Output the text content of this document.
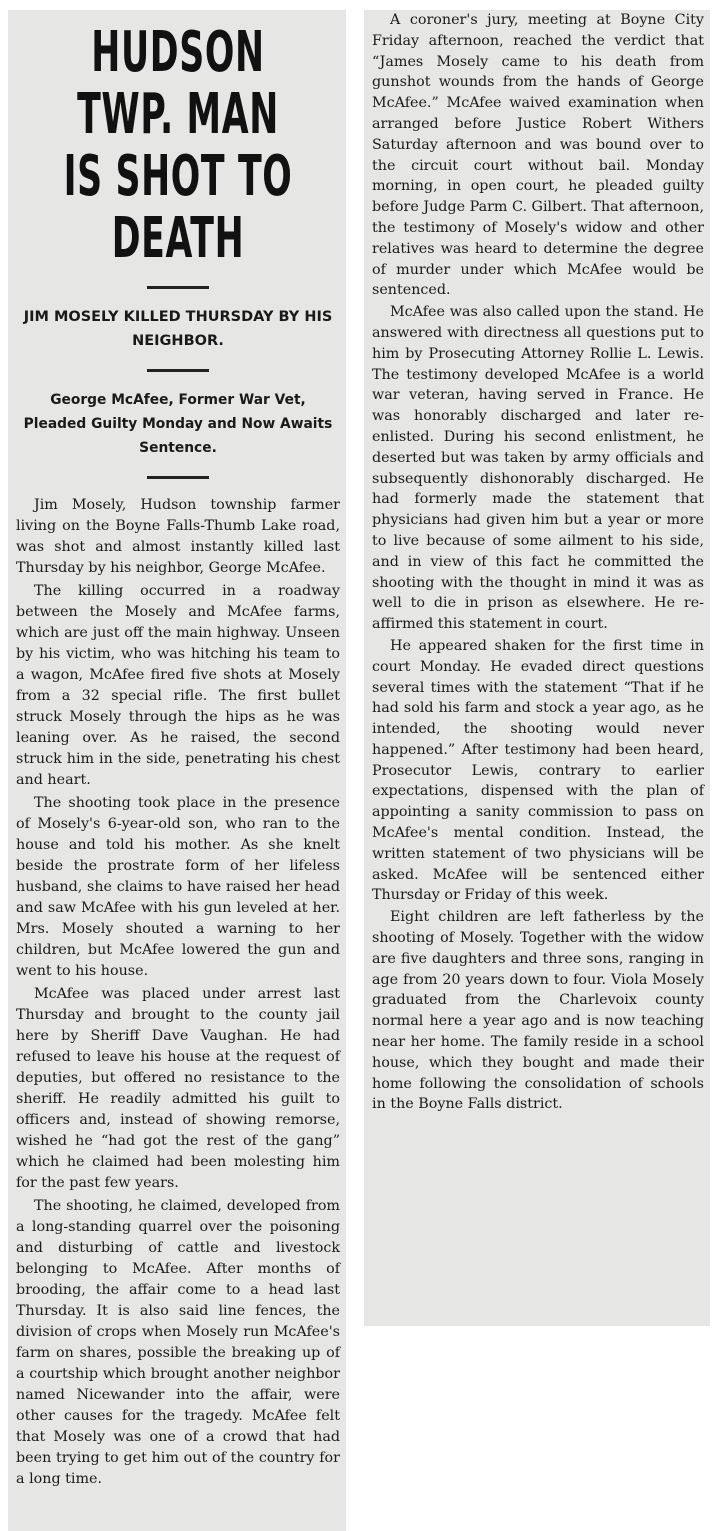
HUDSON TWP. MAN
IS SHOT TO DEATH
JIM MOSELY KILLED THURSDAY BY HIS NEIGHBOR.
George McAfee, Former War Vet, Pleaded Guilty Monday and Now Awaits Sentence.

Jim Mosely, Hudson township farmer living on the Boyne Falls-Thumb Lake road, was shot and almost instantly killed last Thursday by his neighbor, George McAfee.

The killing occurred in a roadway between the Mosely and McAfee farms, which are just off the main highway. Unseen by his victim, who was hitching his team to a wagon, McAfee fired five shots at Mosely from a 32 special rifle. The first bullet struck Mosely through the hips as he was leaning over. As he raised, the second struck him in the side, penetrating his chest and heart.

The shooting took place in the presence of Mosely's 6-year-old son, who ran to the house and told his mother. As she knelt beside the prostrate form of her lifeless husband, she claims to have raised her head and saw McAfee with his gun leveled at her. Mrs. Mosely shouted a warning to her children, but McAfee lowered the gun and went to his house.

McAfee was placed under arrest last Thursday and brought to the county jail here by Sheriff Dave Vaughan. He had refused to leave his house at the request of deputies, but offered no resistance to the sheriff. He readily admitted his guilt to officers and, instead of showing remorse, wished he “had got the rest of the gang” which he claimed had been molesting him for the past few years.

The shooting, he claimed, developed from a long-standing quarrel over the poisoning and disturbing of cattle and livestock belonging to McAfee. After months of brooding, the affair come to a head last Thursday. It is also said line fences, the division of crops when Mosely run McAfee's farm on shares, possible the breaking up of a courtship which brought another neighbor named Nicewander into the affair, were other causes for the tragedy. McAfee felt that Mosely was one of a crowd that had been trying to get him out of the country for a long time.

A coroner's jury, meeting at Boyne City Friday afternoon, reached the verdict that “James Mosely came to his death from gunshot wounds from the hands of George McAfee.” McAfee waived examination when arranged before Justice Robert Withers Saturday afternoon and was bound over to the circuit court without bail. Monday morning, in open court, he pleaded guilty before Judge Parm C. Gilbert. That afternoon, the testimony of Mosely's widow and other relatives was heard to determine the degree of murder under which McAfee would be sentenced.

McAfee was also called upon the stand. He answered with directness all questions put to him by Prosecuting Attorney Rollie L. Lewis. The testimony developed McAfee is a world war veteran, having served in France. He was honorably discharged and later re-enlisted. During his second enlistment, he deserted but was taken by army officials and subsequently dishonorably discharged. He had formerly made the statement that physicians had given him but a year or more to live because of some ailment to his side, and in view of this fact he committed the shooting with the thought in mind it was as well to die in prison as elsewhere. He re-affirmed this statement in court.

He appeared shaken for the first time in court Monday. He evaded direct questions several times with the statement “That if he had sold his farm and stock a year ago, as he intended, the shooting would never happened.” After testimony had been heard, Prosecutor Lewis, contrary to earlier expectations, dispensed with the plan of appointing a sanity commission to pass on McAfee's mental condition. Instead, the written statement of two physicians will be asked. McAfee will be sentenced either Thursday or Friday of this week.

Eight children are left fatherless by the shooting of Mosely. Together with the widow are five daughters and three sons, ranging in age from 20 years down to four. Viola Mosely graduated from the Charlevoix county normal here a year ago and is now teaching near her home. The family reside in a school house, which they bought and made their home following the consolidation of schools in the Boyne Falls district.
